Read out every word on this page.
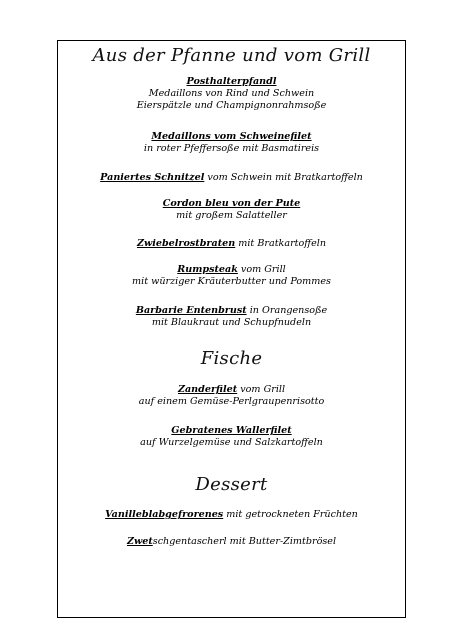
Aus der Pfanne und vom Grill
Posthalterpfandl
Medaillons von Rind und Schwein
Eierspätzle und Champignonrahmsoße
Medaillons vom Schweinefilet
in roter Pfeffersoße mit Basmatireis
Paniertes Schnitzel vom Schwein mit Bratkartoffeln
Cordon bleu von der Pute
mit großem Salatteller
Zwiebelrostbraten mit Bratkartoffeln
Rumpsteak vom Grill
mit würziger Kräuterbutter und Pommes
Barbarie Entenbrust in Orangensoße
mit Blaukraut und Schupfnudeln
Fische
Zanderfilet vom Grill
auf einem Gemüse-Perlgraupenrisotto
Gebratenes Wallerfilet
auf Wurzelgemüse und Salzkartoffeln
Dessert
Vanilleblabgefrorenes mit getrockneten Früchten
Zwetschgentascherl mit Butter-Zimtbrösel
